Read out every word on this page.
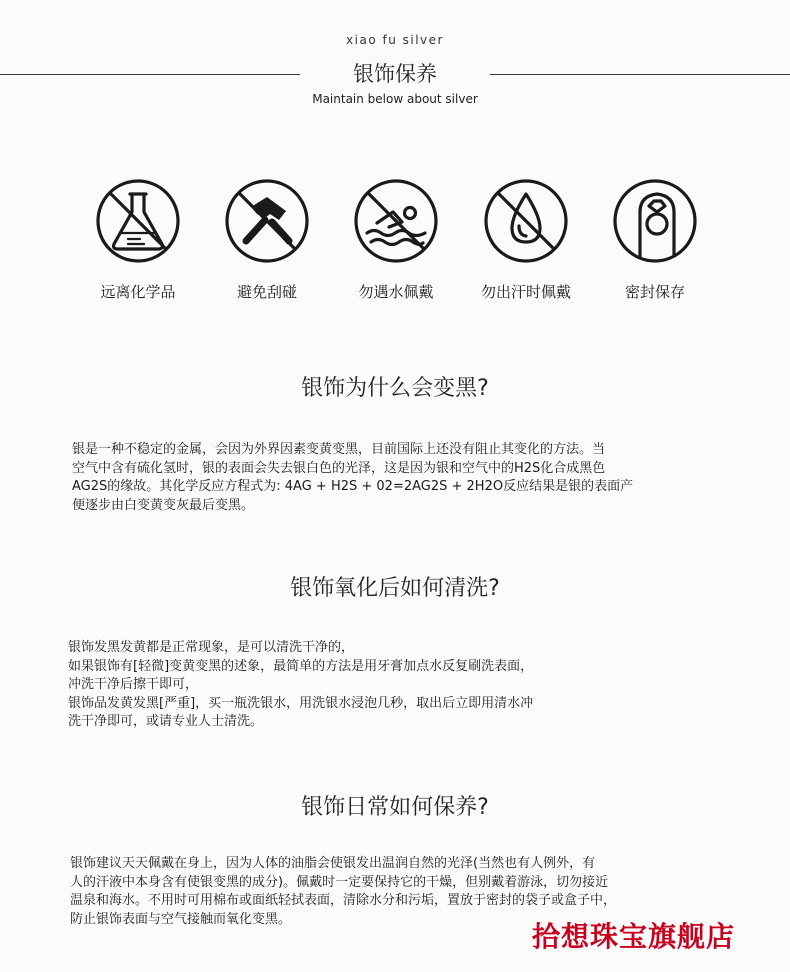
xiao fu silver
银饰保养
Maintain below about silver
远离化学品	避免刮碰	勿遇水佩戴	勿出汗时佩戴	密封保存
银饰为什么会变黑?
银是一种不稳定的金属，会因为外界因素变黄变黑，目前国际上还没有阻止其变化的方法。当
空气中含有硫化氢时，银的表面会失去银白色的光泽，这是因为银和空气中的H2S化合成黑色
AG2S的缘故。其化学反应方程式为: 4AG + H2S + 02=2AG2S + 2H2O反应结果是银的表面产
便逐步由白变黄变灰最后变黑。
银饰氧化后如何清洗?
银饰发黑发黄都是正常现象，是可以清洗干净的，
如果银饰有[轻微]变黄变黑的述象，最简单的方法是用牙膏加点水反复刷洗表面，
冲洗干净后擦干即可，
银饰品发黄发黑[严重]，买一瓶洗银水，用洗银水浸泡几秒，取出后立即用清水冲
洗干净即可，或请专业人士清洗。
银饰日常如何保养?
银饰建议天天佩戴在身上，因为人体的油脂会使银发出温润自然的光泽(当然也有人例外，有
人的汗液中本身含有使银变黑的成分)。佩戴时一定要保持它的干燥，但别戴着游泳，切勿接近
温泉和海水。不用时可用棉布或面纸轻拭表面，清除水分和污垢，置放于密封的袋子或盒子中，
防止银饰表面与空气接触而氧化变黑。
拾想珠宝旗舰店
